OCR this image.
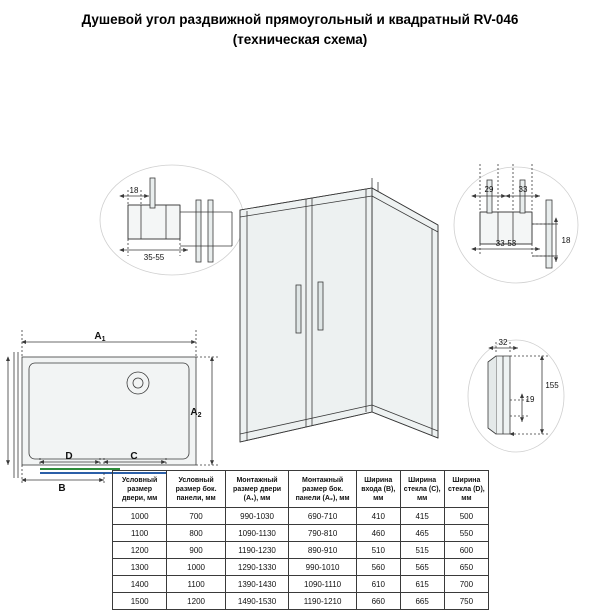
Душевой угол раздвижной прямоугольный и квадратный RV-046
(техническая схема)
18
35-55
29	33
33-53	18
32
155
19
$A_1$
$A_2$
B
C
D
Условный размер двери, мм	Условный размер бок. панели, мм	Монтажный размер двери (A₁), мм	Монтажный размер бок. панели (A₂), мм	Ширина входа (B), мм	Ширина стекла (C), мм	Ширина стекла (D), мм
1000	700	990-1030	690-710	410	415	500
1100	800	1090-1130	790-810	460	465	550
1200	900	1190-1230	890-910	510	515	600
1300	1000	1290-1330	990-1010	560	565	650
1400	1100	1390-1430	1090-1110	610	615	700
1500	1200	1490-1530	1190-1210	660	665	750
